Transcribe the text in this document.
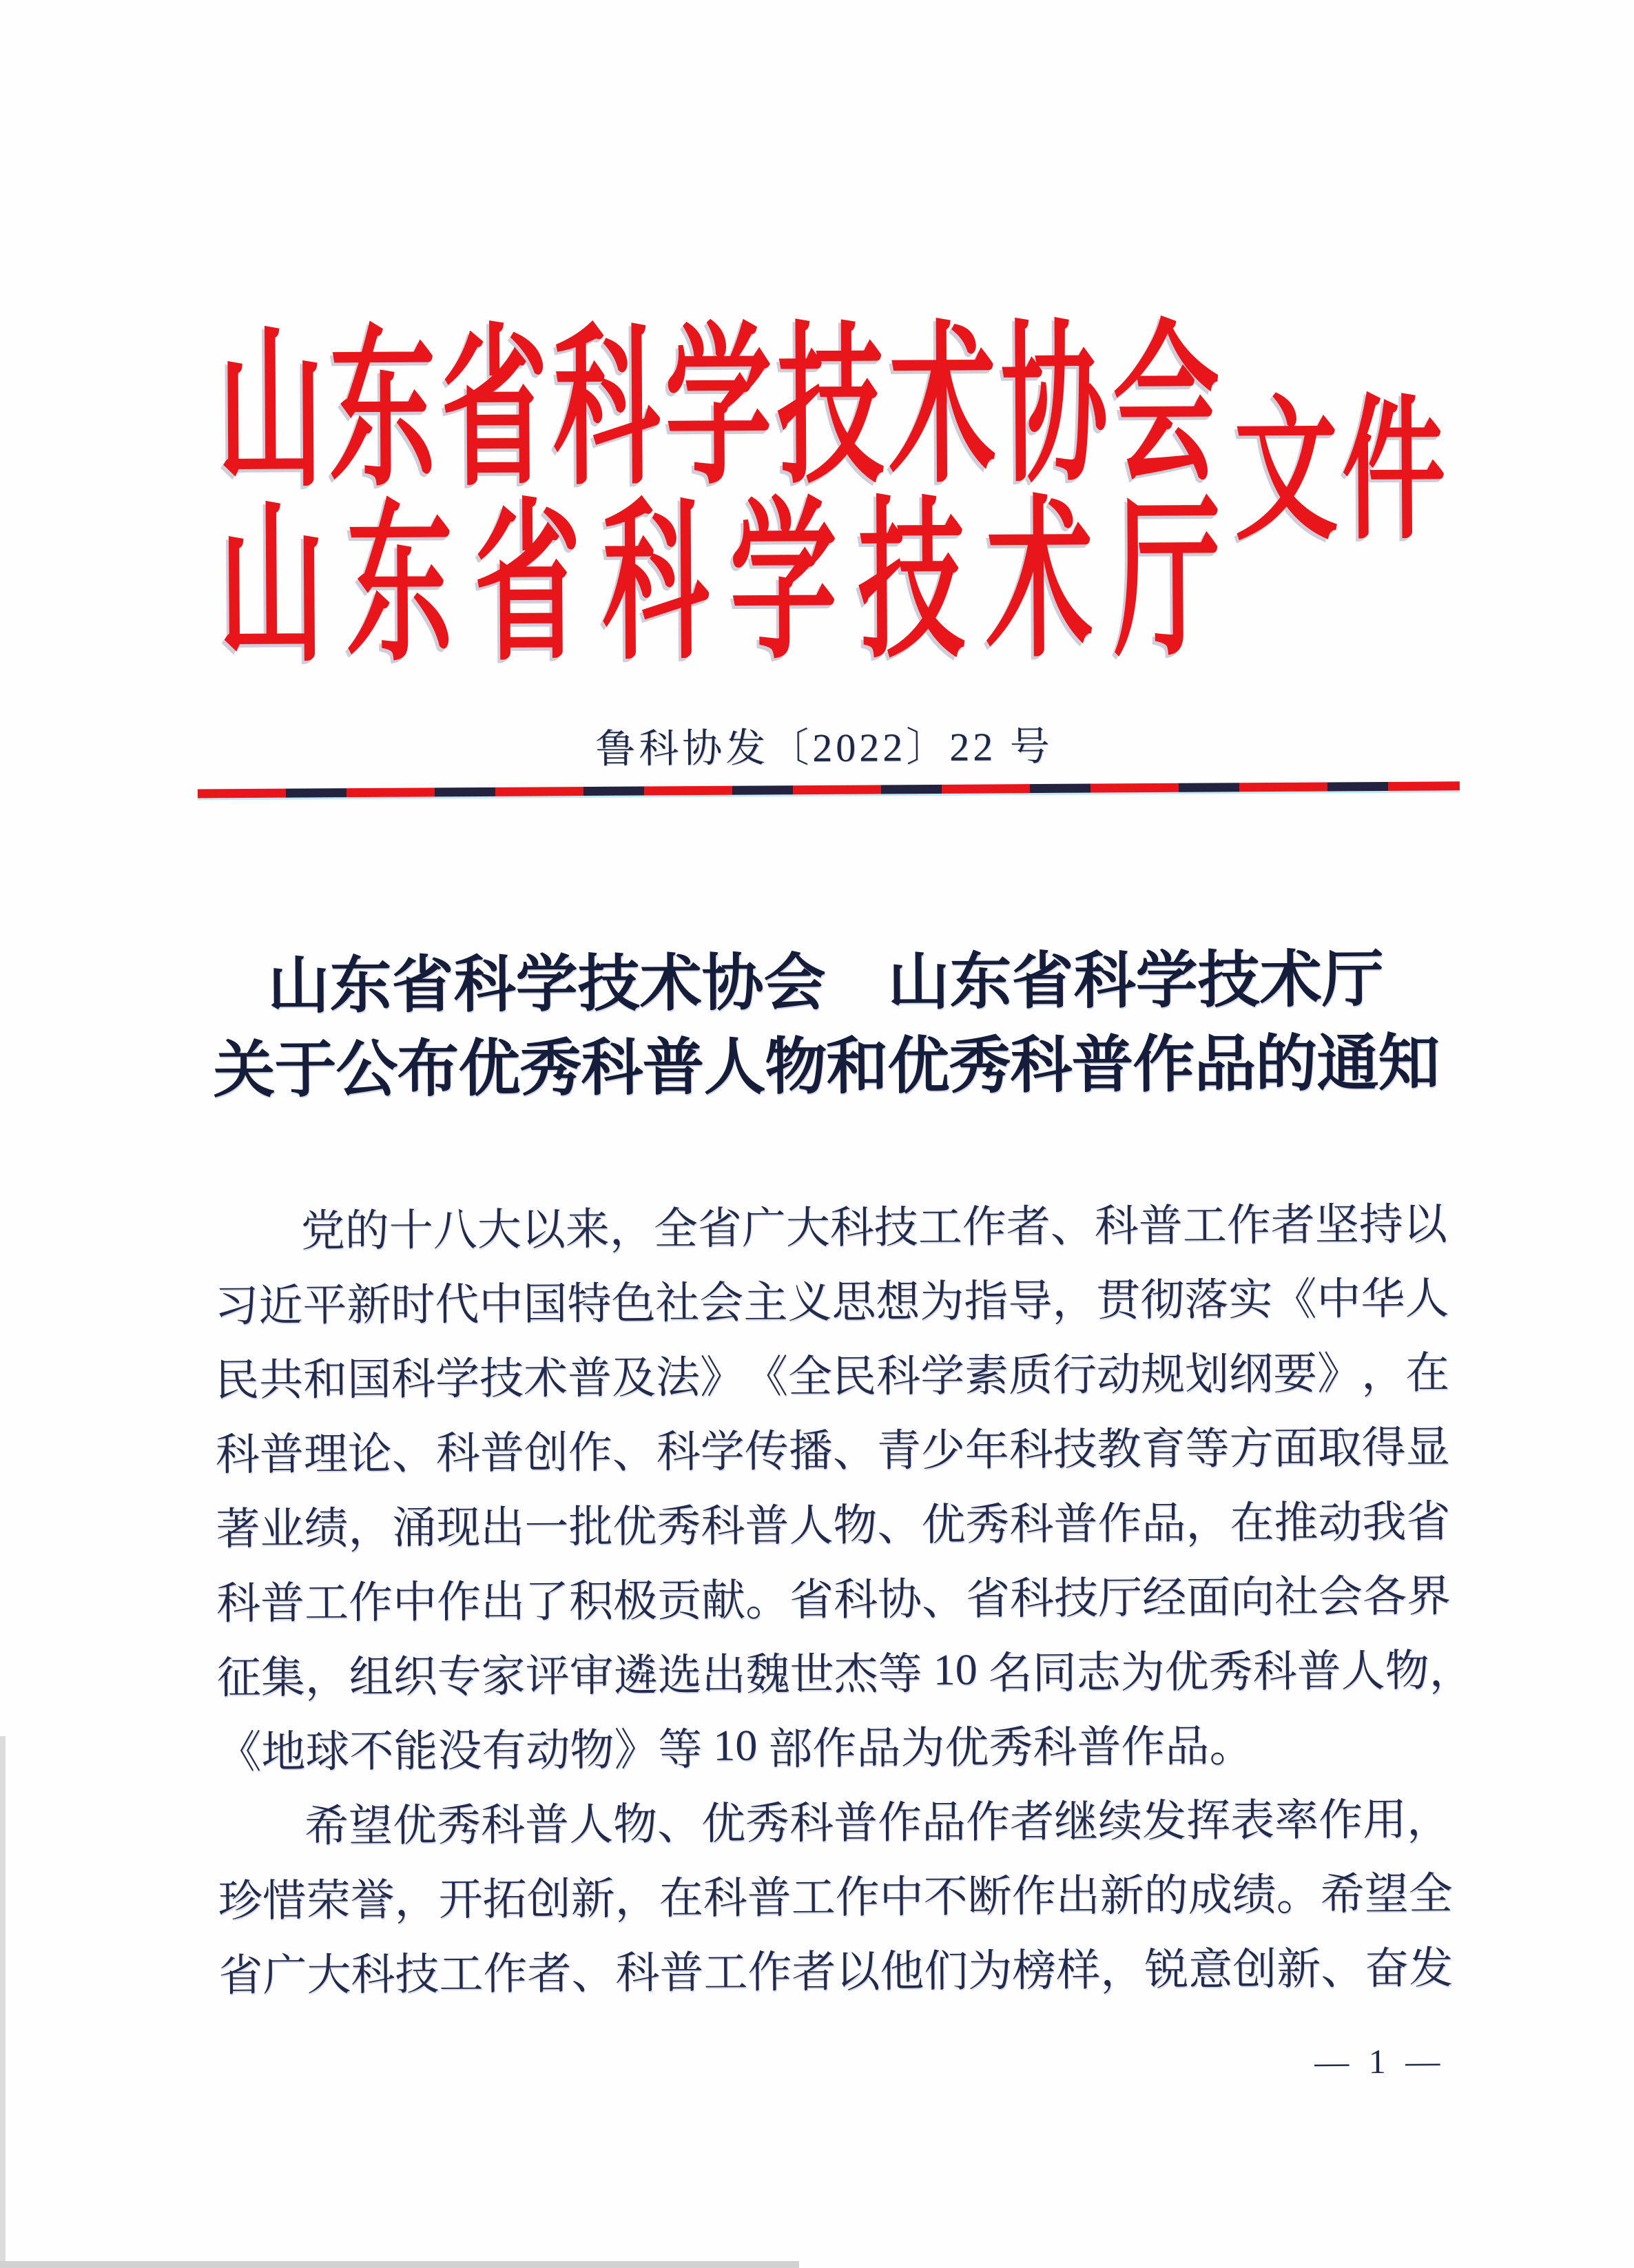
山 东 省 科 学 技 术 协 会
山 东 省 科 学 技 术 厅
文件
鲁科协发〔2022〕22 号
山东省科学技术协会　山东省科学技术厅
关于公布优秀科普人物和优秀科普作品的通知
党 的 十 八 大 以 来 ， 全 省 广 大 科 技 工 作 者 、 科 普 工 作 者 坚 持 以
习 近 平 新 时 代 中 国 特 色 社 会 主 义 思 想 为 指 导 ， 贯 彻 落 实 《 中 华 人
民 共 和 国 科 学 技 术 普 及 法 》 《 全 民 科 学 素 质 行 动 规 划 纲 要 》 ， 在
科 普 理 论 、 科 普 创 作 、 科 学 传 播 、 青 少 年 科 技 教 育 等 方 面 取 得 显
著 业 绩 ， 涌 现 出 一 批 优 秀 科 普 人 物 、 优 秀 科 普 作 品 ， 在 推 动 我 省
科 普 工 作 中 作 出 了 积 极 贡 献 。 省 科 协 、 省 科 技 厅 经 面 向 社 会 各 界
征 集 ， 组 织 专 家 评 审 遴 选 出 魏 世 杰 等
10
名 同 志 为 优 秀 科 普 人 物 ，
《 地 球 不 能 没 有 动 物 》 等
10
部 作 品 为 优 秀 科 普 作 品 。
希 望 优 秀 科 普 人 物 、 优 秀 科 普 作 品 作 者 继 续 发 挥 表 率 作 用 ，
珍 惜 荣 誉 ， 开 拓 创 新 ， 在 科 普 工 作 中 不 断 作 出 新 的 成 绩 。 希 望 全
省 广 大 科 技 工 作 者 、 科 普 工 作 者 以 他 们 为 榜 样 ， 锐 意 创 新 、 奋 发
— 1 —
